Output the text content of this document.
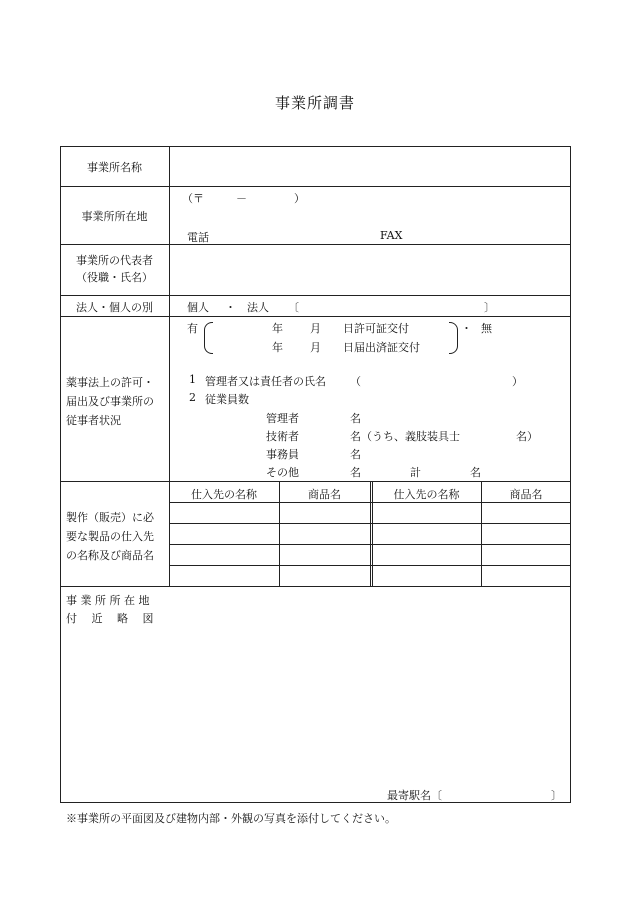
事業所調書
事業所名称
事業所所在地
（〒	－	）
電話	FAX
事業所の代表者
（役職・氏名）
法人・個人の別	個人 ・ 法人 〔	〕
薬事法上の許可・
届出及び事業所の
従事者状況
有	年 月 日許可証交付
年 月 日届出済証交付
・ 無
1 管理者又は責任者の氏名 （	）
2 従業員数
管理者	名
技術者	名 （うち、義肢装具士	名）
事務員	名
その他	名	計	名
製作（販売）に必
要な製品の仕入先
の名称及び商品名
仕入先の名称	商品名	仕入先の名称	商品名
事 業 所 所 在 地
付　 近　 略　 図
最寄駅名〔	〕
※事業所の平面図及び建物内部・外観の写真を添付してください。
